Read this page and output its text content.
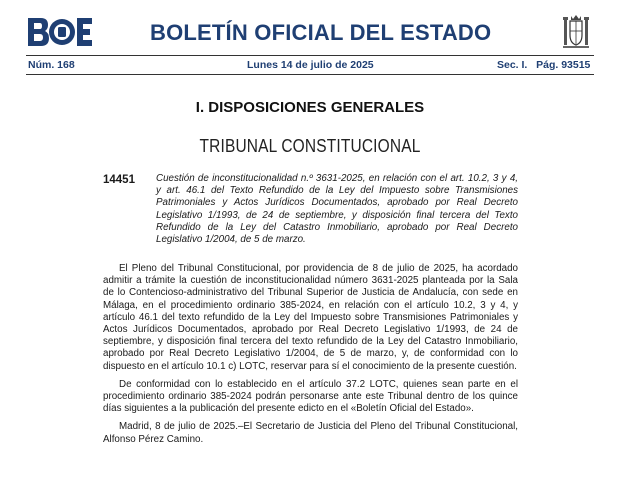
BOLETÍN OFICIAL DEL ESTADO
Núm. 168	Lunes 14 de julio de 2025	Sec. I.   Pág. 93515
I. DISPOSICIONES GENERALES
TRIBUNAL CONSTITUCIONAL
14451 Cuestión de inconstitucionalidad n.º 3631-2025, en relación con el art. 10.2, 3 y 4, y art. 46.1 del Texto Refundido de la Ley del Impuesto sobre Transmisiones Patrimoniales y Actos Jurídicos Documentados, aprobado por Real Decreto Legislativo 1/1993, de 24 de septiembre, y disposición final tercera del Texto Refundido de la Ley del Catastro Inmobiliario, aprobado por Real Decreto Legislativo 1/2004, de 5 de marzo.

El Pleno del Tribunal Constitucional, por providencia de 8 de julio de 2025, ha acordado admitir a trámite la cuestión de inconstitucionalidad número 3631-2025 planteada por la Sala de lo Contencioso-administrativo del Tribunal Superior de Justicia de Andalucía, con sede en Málaga, en el procedimiento ordinario 385-2024, en relación con el artículo 10.2, 3 y 4, y artículo 46.1 del texto refundido de la Ley del Impuesto sobre Transmisiones Patrimoniales y Actos Jurídicos Documentados, aprobado por Real Decreto Legislativo 1/1993, de 24 de septiembre, y disposición final tercera del texto refundido de la Ley del Catastro Inmobiliario, aprobado por Real Decreto Legislativo 1/2004, de 5 de marzo, y, de conformidad con lo dispuesto en el artículo 10.1 c) LOTC, reservar para sí el conocimiento de la presente cuestión.

De conformidad con lo establecido en el artículo 37.2 LOTC, quienes sean parte en el procedimiento ordinario 385-2024 podrán personarse ante este Tribunal dentro de los quince días siguientes a la publicación del presente edicto en el «Boletín Oficial del Estado».

Madrid, 8 de julio de 2025.–El Secretario de Justicia del Pleno del Tribunal Constitucional, Alfonso Pérez Camino.
